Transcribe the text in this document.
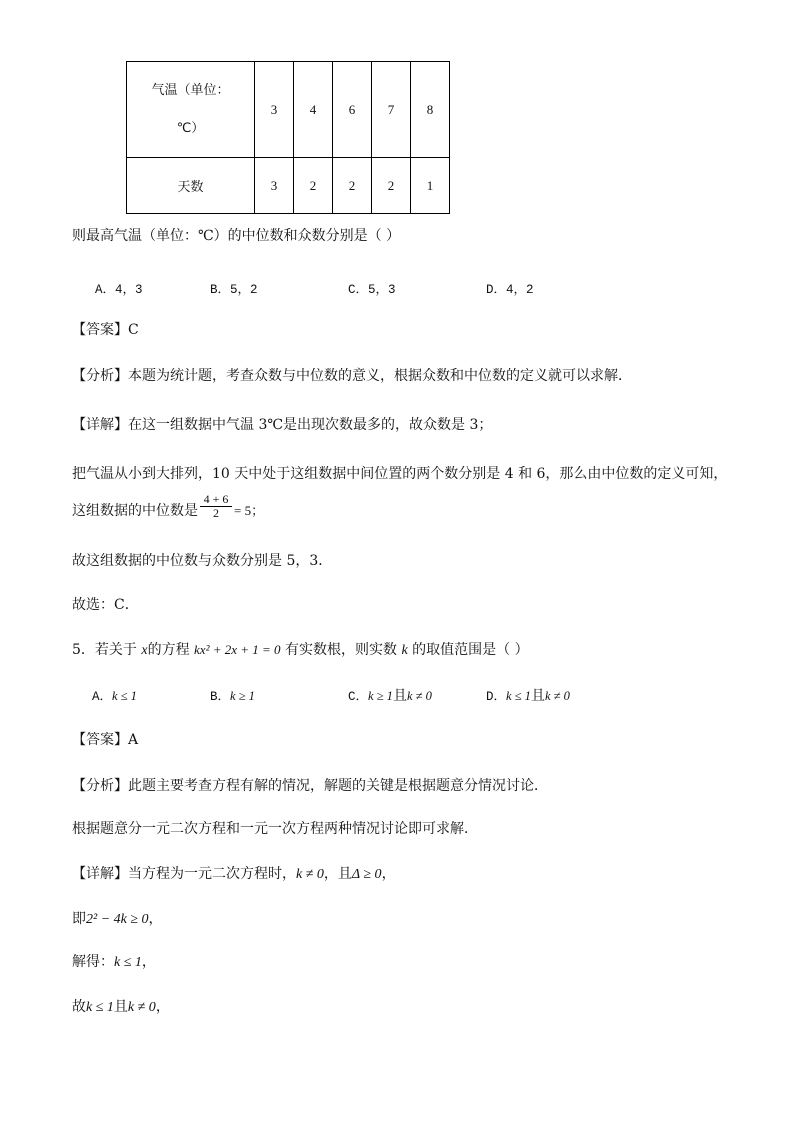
气温（单位：
℃）	3	4	6	7	8
天数	3	2	2	2	1
则最高气温（单位：℃）的中位数和众数分别是（ ）
A．4，3	B．5，2	C．5，3	D．4，2
【答案】C
【分析】本题为统计题，考查众数与中位数的意义，根据众数和中位数的定义就可以求解．
【详解】在这一组数据中气温 3℃是出现次数最多的，故众数是 3；
把气温从小到大排列，10 天中处于这组数据中间位置的两个数分别是 4 和 6，那么由中位数的定义可知，
这组数据的中位数是
4 + 6
2	= 5；
故这组数据的中位数与众数分别是 5，3．
故选：C．
5．若关于 x的方程 kx² + 2x + 1 = 0 有实数根，则实数 k 的取值范围是（ ）
A．k ≤ 1	B．k ≥ 1	C．k ≥ 1且k ≠ 0	D．k ≤ 1且k ≠ 0
【答案】A
【分析】此题主要考查方程有解的情况，解题的关键是根据题意分情况讨论．
根据题意分一元二次方程和一元一次方程两种情况讨论即可求解．
【详解】当方程为一元二次方程时，k ≠ 0，且Δ ≥ 0，
即2² − 4k ≥ 0，
解得：k ≤ 1，
故k ≤ 1且k ≠ 0，
